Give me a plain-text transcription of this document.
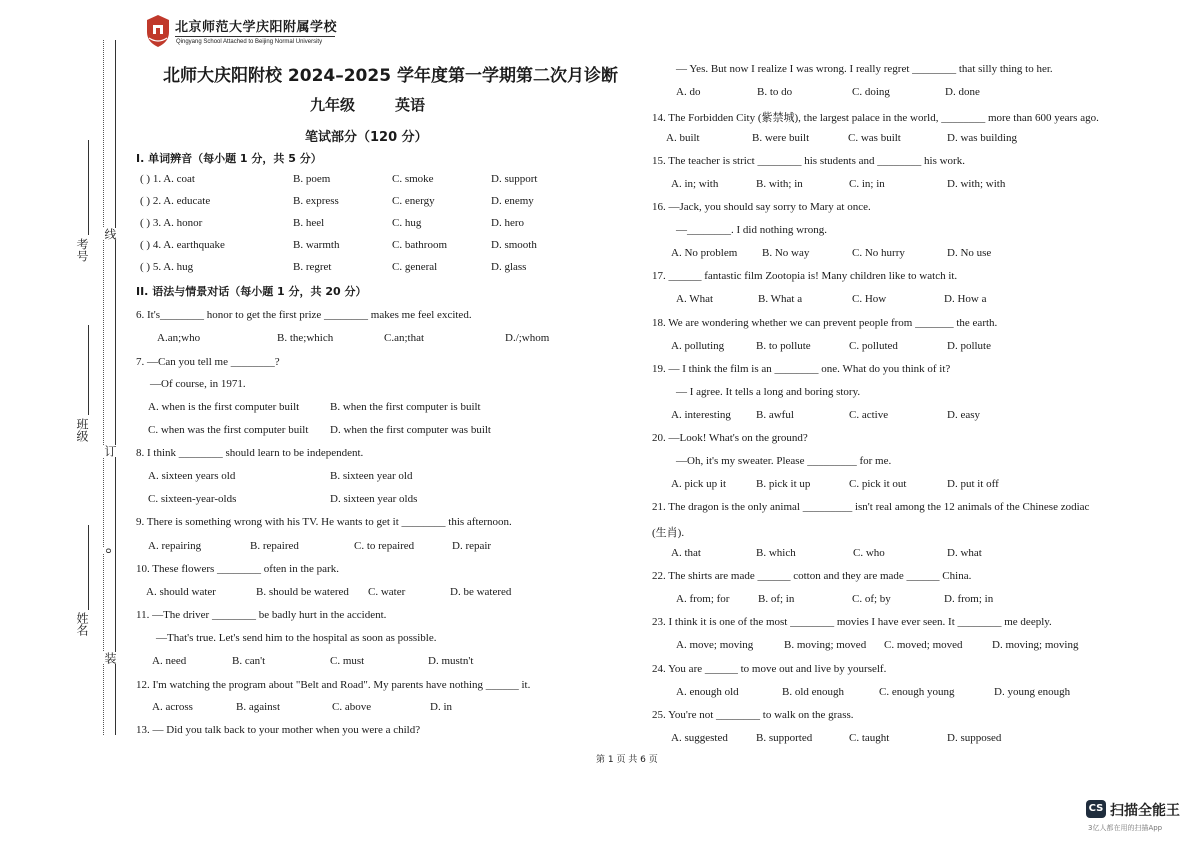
线
订
装
o
考号
班级
姓名
北京师范大学庆阳附属学校
Qingyang School Attached to Beijing Normal University
北师大庆阳附校 2024–2025 学年度第一学期第二次月诊断
九年级	英语
笔试部分（120 分）
I. 单词辨音（每小题 1 分，共 5 分）
( ) 1. A. coat	B. poem	C. smoke	D. support
( ) 2. A. educate	B. express	C. energy	D. enemy
( ) 3. A. honor	B. heel	C. hug	D. hero
( ) 4. A. earthquake	B. warmth	C. bathroom	D. smooth
( ) 5. A. hug	B. regret	C. general	D. glass
II. 语法与情景对话（每小题 1 分，共 20 分）
6. It's________ honor to get the first prize ________ makes me feel excited.
A.an;who	B. the;which	C.an;that	D./;whom
7. —Can you tell me ________?
—Of course, in 1971.
A. when is the first computer built	B. when the first computer is built
C. when was the first computer built D. when the first computer was built
8. I think ________ should learn to be independent.
A. sixteen years old	B. sixteen year old
C. sixteen-year-olds	D. sixteen year olds
9. There is something wrong with his TV. He wants to get it ________ this afternoon.
A. repairing	B. repaired	C. to repaired	D. repair
10. These flowers ________ often in the park.
A. should water	B. should be watered C. water	D. be watered
11. —The driver ________ be badly hurt in the accident.
—That's true. Let's send him to the hospital as soon as possible.
A. need	B. can't	C. must	D. mustn't
12. I'm watching the program about "Belt and Road". My parents have nothing ______ it.
A. across	B. against	C. above	D. in
13. — Did you talk back to your mother when you were a child?
— Yes. But now I realize I was wrong. I really regret ________ that silly thing to her.
A. do	B. to do	C. doing	D. done
14. The Forbidden City (紫禁城), the largest palace in the world, ________ more than 600 years ago.
A. built	B. were built	C. was built	D. was building
15. The teacher is strict ________ his students and ________ his work.
A. in; with	B. with; in	C. in; in	D. with; with
16. —Jack, you should say sorry to Mary at once.
—________. I did nothing wrong.
A. No problem B. No way	C. No hurry	D. No use
17. ______ fantastic film Zootopia is! Many children like to watch it.
A. What	B. What a	C. How	D. How a
18. We are wondering whether we can prevent people from _______ the earth.
A. polluting	B. to pollute	C. polluted	D. pollute
19. — I think the film is an ________ one. What do you think of it?
— I agree. It tells a long and boring story.
A. interesting B. awful	C. active	D. easy
20. —Look! What's on the ground?
—Oh, it's my sweater. Please _________ for me.
A. pick up it	B. pick it up	C. pick it out	D. put it off
21. The dragon is the only animal _________ isn't real among the 12 animals of the Chinese zodiac
(生肖).
A. that	B. which	C. who	D. what
22. The shirts are made ______ cotton and they are made ______ China.
A. from; for	B. of; in	C. of; by	D. from; in
23. I think it is one of the most ________ movies I have ever seen. It ________ me deeply.
A. move; moving	B. moving; moved C. moved; moved	D. moving; moving
24. You are ______ to move out and live by yourself.
A. enough old	B. old enough	C. enough young	D. young enough
25. You're not ________ to walk on the grass.
A. suggested	B. supported	C. taught	D. supposed
第 1 页 共 6 页
CS 扫描全能王
3亿人都在用的扫描App
